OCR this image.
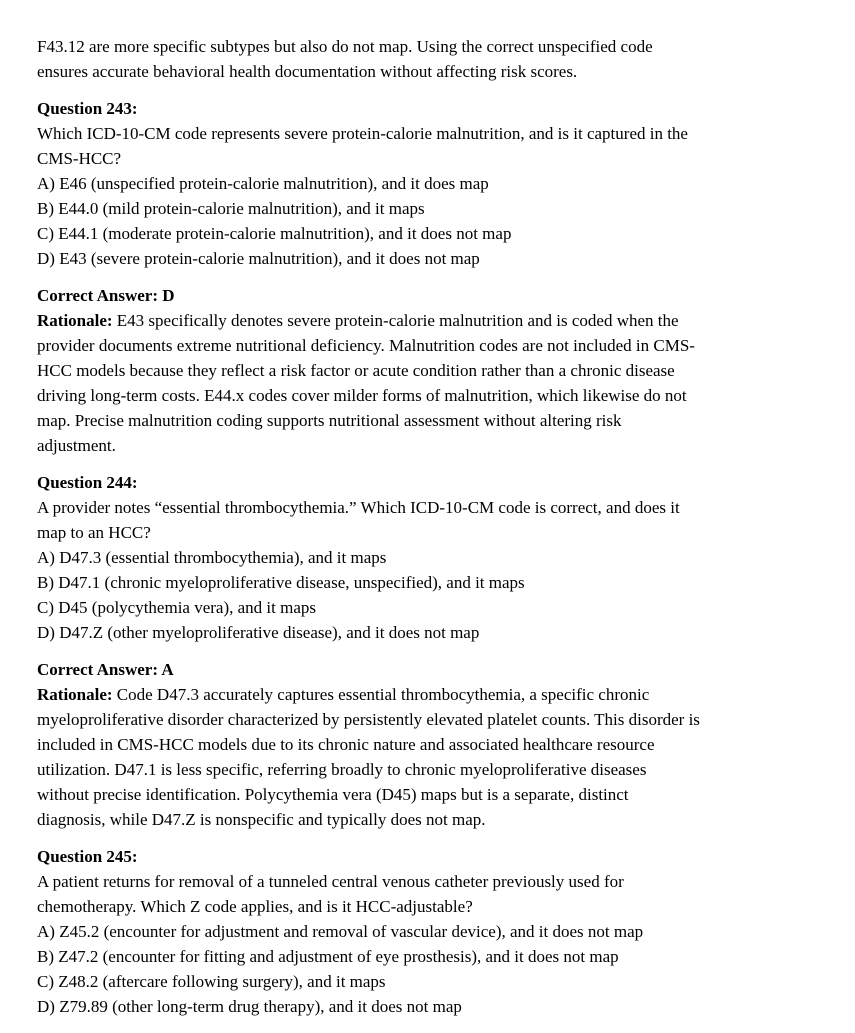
F43.12 are more specific subtypes but also do not map. Using the correct unspecified code
ensures accurate behavioral health documentation without affecting risk scores.
Question 243:
Which ICD-10-CM code represents severe protein-calorie malnutrition, and is it captured in the
CMS-HCC?
A) E46 (unspecified protein-calorie malnutrition), and it does map
B) E44.0 (mild protein-calorie malnutrition), and it maps
C) E44.1 (moderate protein-calorie malnutrition), and it does not map
D) E43 (severe protein-calorie malnutrition), and it does not map
Correct Answer: D
Rationale: E43 specifically denotes severe protein-calorie malnutrition and is coded when the
provider documents extreme nutritional deficiency. Malnutrition codes are not included in CMS-
HCC models because they reflect a risk factor or acute condition rather than a chronic disease
driving long-term costs. E44.x codes cover milder forms of malnutrition, which likewise do not
map. Precise malnutrition coding supports nutritional assessment without altering risk
adjustment.
Question 244:
A provider notes “essential thrombocythemia.” Which ICD-10-CM code is correct, and does it
map to an HCC?
A) D47.3 (essential thrombocythemia), and it maps
B) D47.1 (chronic myeloproliferative disease, unspecified), and it maps
C) D45 (polycythemia vera), and it maps
D) D47.Z (other myeloproliferative disease), and it does not map
Correct Answer: A
Rationale: Code D47.3 accurately captures essential thrombocythemia, a specific chronic
myeloproliferative disorder characterized by persistently elevated platelet counts. This disorder is
included in CMS-HCC models due to its chronic nature and associated healthcare resource
utilization. D47.1 is less specific, referring broadly to chronic myeloproliferative diseases
without precise identification. Polycythemia vera (D45) maps but is a separate, distinct
diagnosis, while D47.Z is nonspecific and typically does not map.
Question 245:
A patient returns for removal of a tunneled central venous catheter previously used for
chemotherapy. Which Z code applies, and is it HCC-adjustable?
A) Z45.2 (encounter for adjustment and removal of vascular device), and it does not map
B) Z47.2 (encounter for fitting and adjustment of eye prosthesis), and it does not map
C) Z48.2 (aftercare following surgery), and it maps
D) Z79.89 (other long-term drug therapy), and it does not map
